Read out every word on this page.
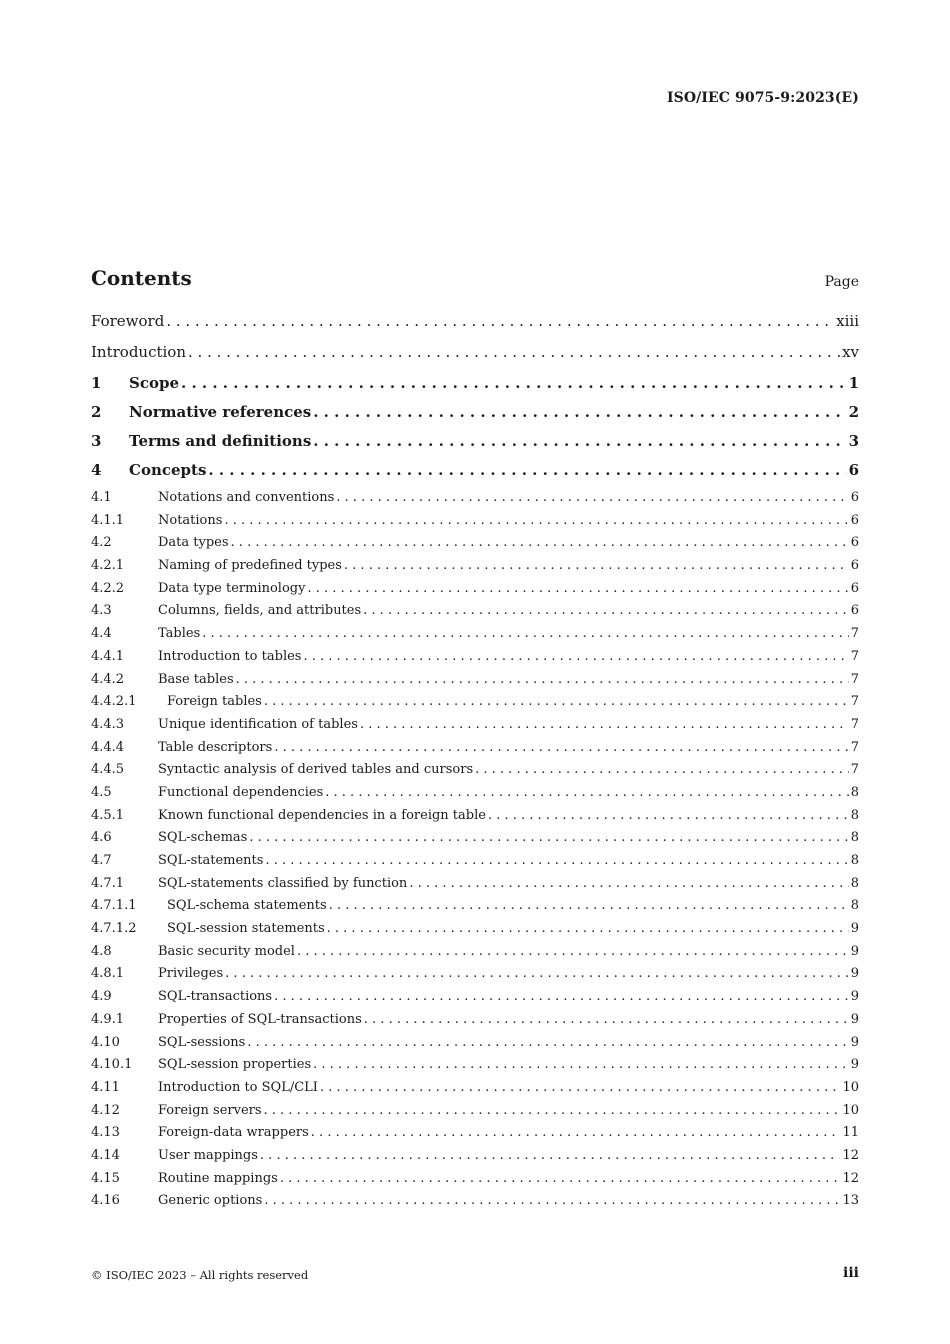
ISO/IEC 9075-9:2023(E)
Contents	Page
Foreword . . .	xiii
Introduction . . .	xv
1	Scope . . .	1
2	Normative references . . .	2
3	Terms and definitions . . .	3
4	Concepts . . .	6
4.1	Notations and conventions . . .	6
4.1.1	Notations . . .	6
4.2	Data types . . .	6
4.2.1	Naming of predefined types . . .	6
4.2.2	Data type terminology . . .	6
4.3	Columns, fields, and attributes . . .	6
4.4	Tables . . .	7
4.4.1	Introduction to tables . . .	7
4.4.2	Base tables . . .	7
4.4.2.1	Foreign tables . . .	7
4.4.3	Unique identification of tables . . .	7
4.4.4	Table descriptors . . .	7
4.4.5	Syntactic analysis of derived tables and cursors . . .	7
4.5	Functional dependencies . . .	8
4.5.1	Known functional dependencies in a foreign table . . .	8
4.6	SQL-schemas . . .	8
4.7	SQL-statements . . .	8
4.7.1	SQL-statements classified by function . . .	8
4.7.1.1	SQL-schema statements . . .	8
4.7.1.2	SQL-session statements . . .	9
4.8	Basic security model . . .	9
4.8.1	Privileges . . .	9
4.9	SQL-transactions . . .	9
4.9.1	Properties of SQL-transactions . . .	9
4.10	SQL-sessions . . .	9
4.10.1	SQL-session properties . . .	9
4.11	Introduction to SQL/CLI . . .	10
4.12	Foreign servers . . .	10
4.13	Foreign-data wrappers . . .	11
4.14	User mappings . . .	12
4.15	Routine mappings . . .	12
4.16	Generic options . . .	13
© ISO/IEC 2023 – All rights reserved	iii
